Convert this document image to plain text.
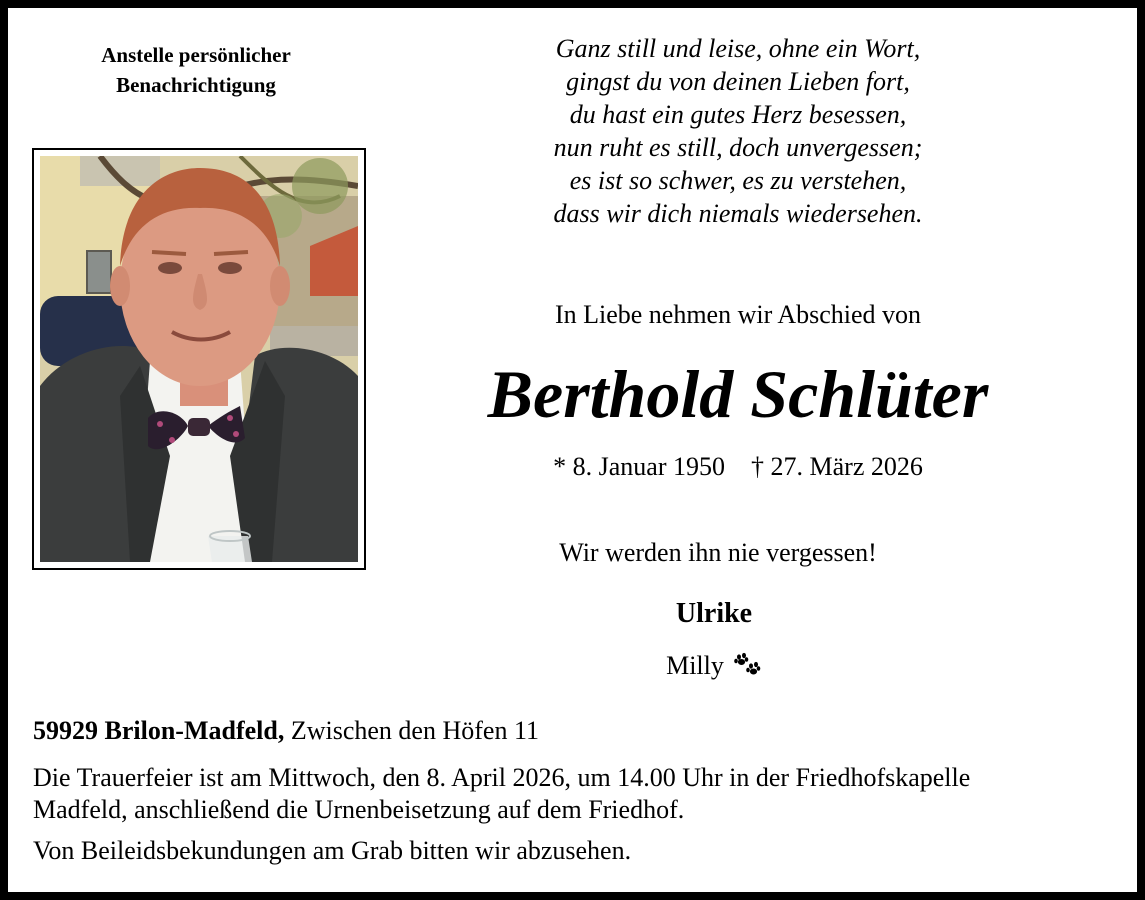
Anstelle persönlicher
Benachrichtigung
Ganz still und leise, ohne ein Wort,
gingst du von deinen Lieben fort,
du hast ein gutes Herz besessen,
nun ruht es still, doch unvergessen;
es ist so schwer, es zu verstehen,
dass wir dich niemals wiedersehen.
In Liebe nehmen wir Abschied von
Berthold Schlüter
* 8. Januar 1950 † 27. März 2026
Wir werden ihn nie vergessen!
Ulrike
Milly
59929 Brilon-Madfeld, Zwischen den Höfen 11
Die Trauerfeier ist am Mittwoch, den 8. April 2026, um 14.00 Uhr in der Friedhofskapelle
Madfeld, anschließend die Urnenbeisetzung auf dem Friedhof.
Von Beileidsbekundungen am Grab bitten wir abzusehen.
